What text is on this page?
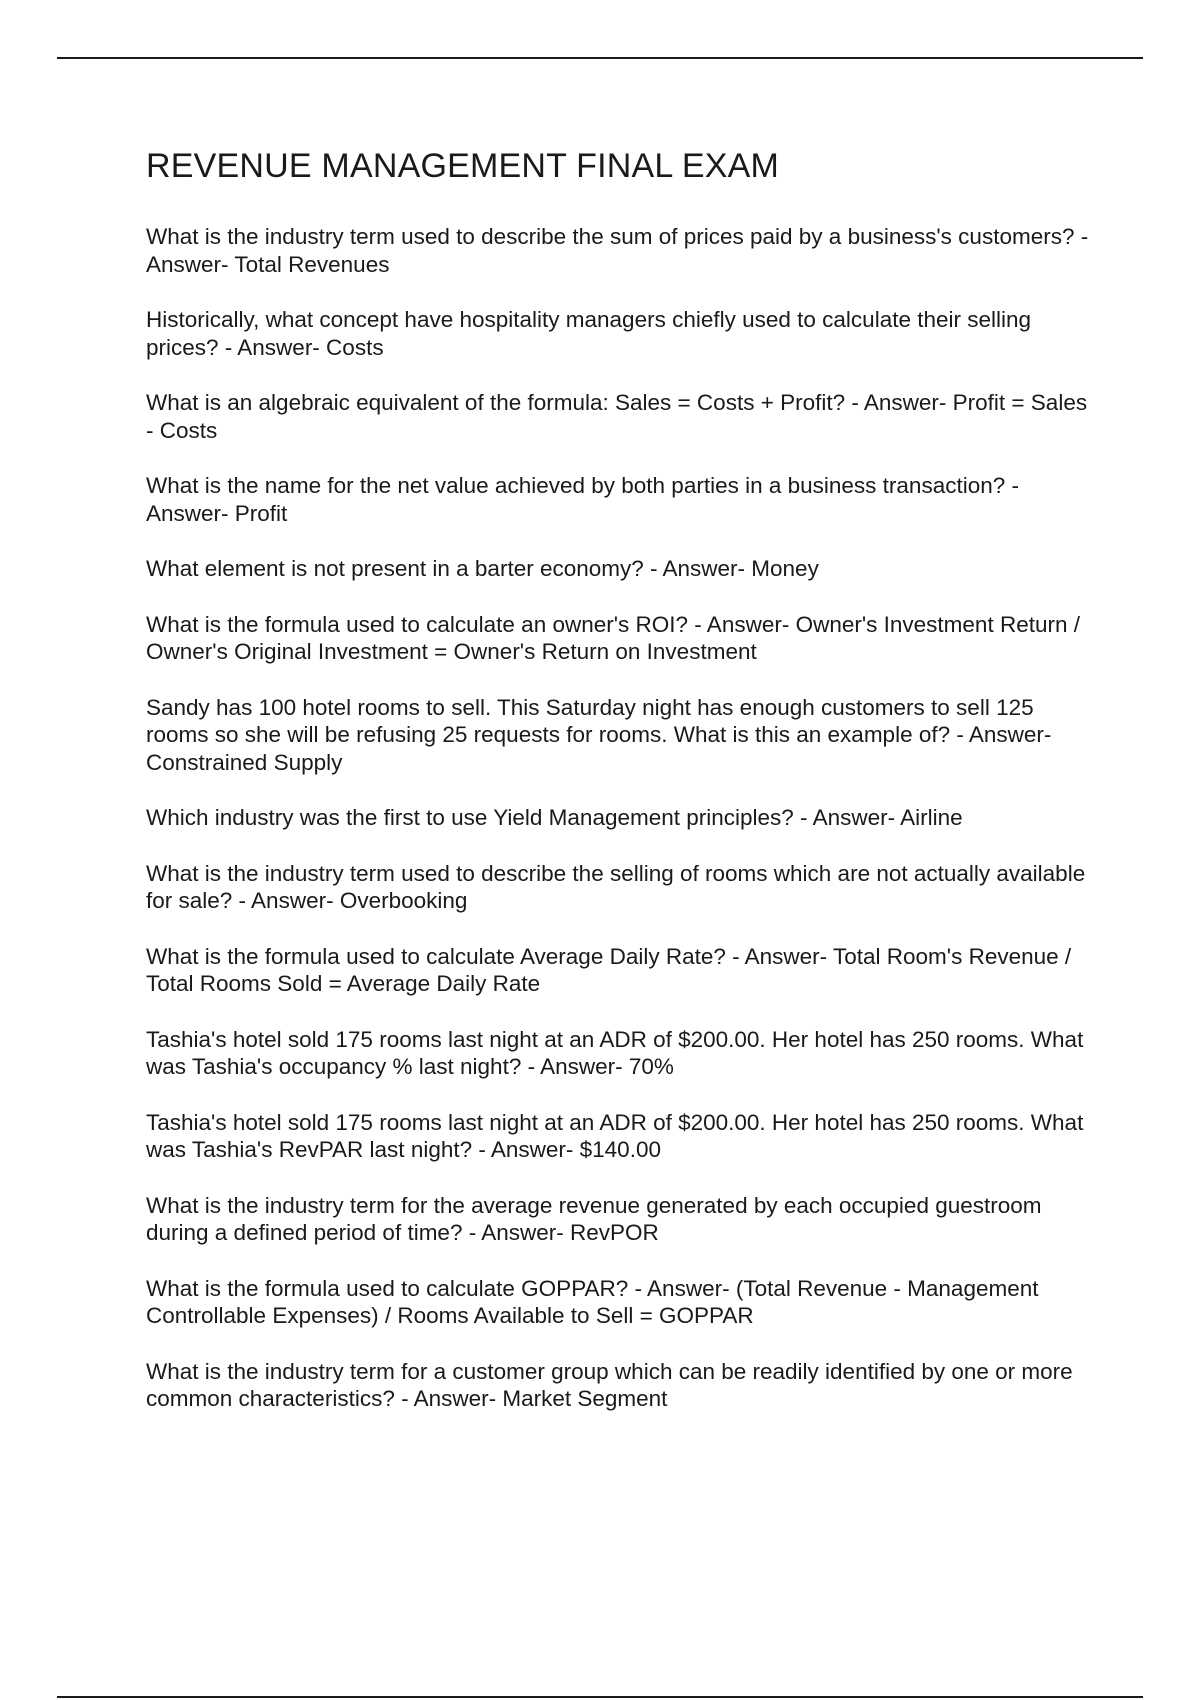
REVENUE MANAGEMENT FINAL EXAM
What is the industry term used to describe the sum of prices paid by a business's customers? - Answer- Total Revenues
Historically, what concept have hospitality managers chiefly used to calculate their selling prices? - Answer- Costs
What is an algebraic equivalent of the formula: Sales = Costs + Profit? - Answer- Profit = Sales - Costs
What is the name for the net value achieved by both parties in a business transaction? - Answer- Profit
What element is not present in a barter economy? - Answer- Money
What is the formula used to calculate an owner's ROI? - Answer- Owner's Investment Return / Owner's Original Investment = Owner's Return on Investment
Sandy has 100 hotel rooms to sell. This Saturday night has enough customers to sell 125 rooms so she will be refusing 25 requests for rooms. What is this an example of? - Answer- Constrained Supply
Which industry was the first to use Yield Management principles? - Answer- Airline
What is the industry term used to describe the selling of rooms which are not actually available for sale? - Answer- Overbooking
What is the formula used to calculate Average Daily Rate? - Answer- Total Room's Revenue / Total Rooms Sold = Average Daily Rate
Tashia's hotel sold 175 rooms last night at an ADR of $200.00. Her hotel has 250 rooms. What was Tashia's occupancy % last night? - Answer- 70%
Tashia's hotel sold 175 rooms last night at an ADR of $200.00. Her hotel has 250 rooms. What was Tashia's RevPAR last night? - Answer- $140.00
What is the industry term for the average revenue generated by each occupied guestroom during a defined period of time? - Answer- RevPOR
What is the formula used to calculate GOPPAR? - Answer- (Total Revenue - Management Controllable Expenses) / Rooms Available to Sell = GOPPAR
What is the industry term for a customer group which can be readily identified by one or more common characteristics? - Answer- Market Segment
